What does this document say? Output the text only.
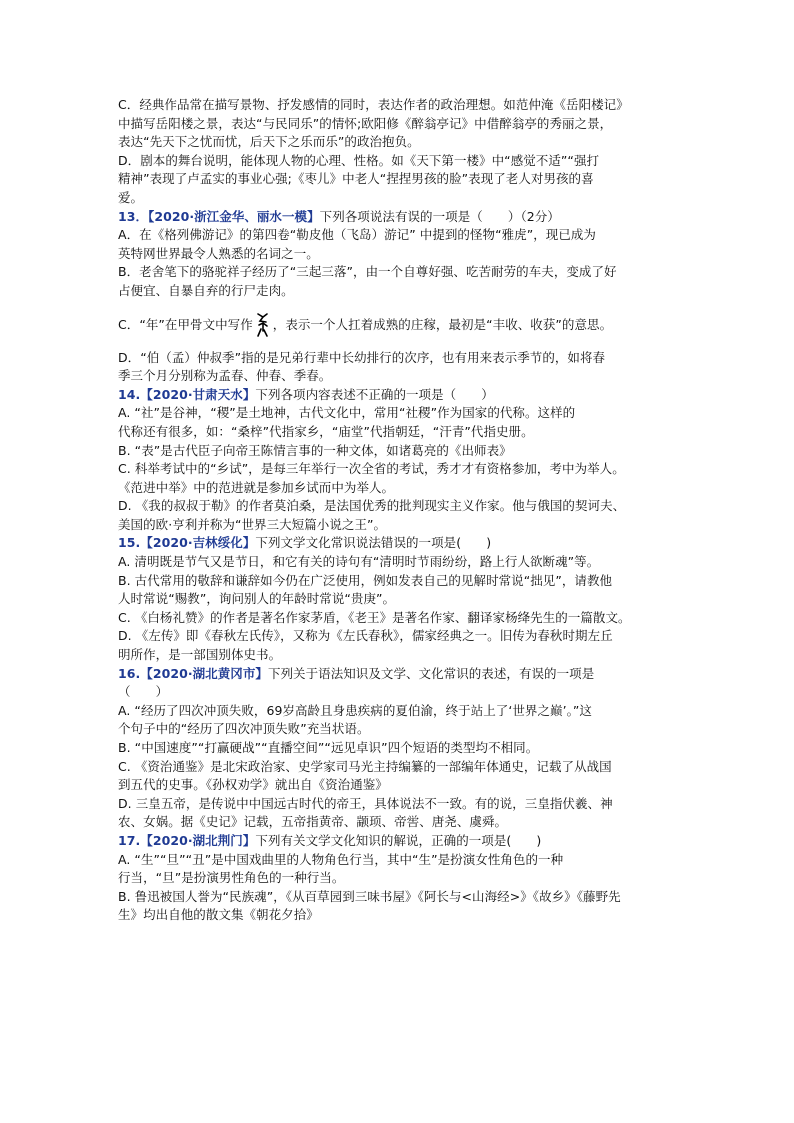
C．经典作品常在描写景物、抒发感情的同时，表达作者的政治理想。如范仲淹《岳阳楼记》
中描写岳阳楼之景，表达“与民同乐”的情怀;欧阳修《醉翁亭记》中借醉翁亭的秀丽之景，
表达“先天下之忧而忧，后天下之乐而乐”的政治抱负。
D．剧本的舞台说明，能体现人物的心理、性格。如《天下第一楼》中“感觉不适”“强打
精神”表现了卢孟实的事业心强;《枣儿》中老人“捏捏男孩的脸”表现了老人对男孩的喜
爱。
13．【2020·浙江金华、丽水一模】下列各项说法有误的一项是（　　）（2分）
A．在《格列佛游记》的第四卷“勒皮他（飞岛）游记” 中提到的怪物“雅虎”，现已成为
英特网世界最令人熟悉的名词之一。
B．老舍笔下的骆驼祥子经历了“三起三落”，由一个自尊好强、吃苦耐劳的车夫，变成了好
占便宜、自暴自弃的行尸走肉。
C．“年”在甲骨文中写作 ，表示一个人扛着成熟的庄稼，最初是“丰收、收获”的意思。
D．“伯（孟）仲叔季”指的是兄弟行辈中长幼排行的次序，也有用来表示季节的，如将春
季三个月分别称为孟春、仲春、季春。
14.【2020·甘肃天水】下列各项内容表述不正确的一项是（　　）
A. “社”是谷神，“稷”是土地神，古代文化中，常用“社稷”作为国家的代称。这样的
代称还有很多，如：“桑梓”代指家乡，“庙堂”代指朝廷，“汗青”代指史册。
B. “表”是古代臣子向帝王陈情言事的一种文体，如诸葛亮的《出师表》
C. 科举考试中的“乡试”，是每三年举行一次全省的考试，秀才才有资格参加，考中为举人。
《范进中举》中的范进就是参加乡试而中为举人。
D. 《我的叔叔于勒》的作者莫泊桑，是法国优秀的批判现实主义作家。他与俄国的契诃夫、
美国的欧·亨利并称为“世界三大短篇小说之王”。
15.【2020·吉林绥化】下列文学文化常识说法错误的一项是(　　)
A. 清明既是节气又是节日，和它有关的诗句有“清明时节雨纷纷，路上行人欲断魂”等。
B. 古代常用的敬辞和谦辞如今仍在广泛使用，例如发表自己的见解时常说“拙见”，请教他
人时常说“赐教”，询问别人的年龄时常说“贵庚”。
C. 《白杨礼赞》的作者是著名作家茅盾，《老王》是著名作家、翻译家杨绛先生的一篇散文。
D. 《左传》即《春秋左氏传》，又称为《左氏春秋》，儒家经典之一。旧传为春秋时期左丘
明所作，是一部国别体史书。
16.【2020·湖北黄冈市】下列关于语法知识及文学、文化常识的表述，有误的一项是
（　　）
A. “经历了四次冲顶失败，69岁高龄且身患疾病的夏伯渝，终于站上了‘世界之巅’。”这
个句子中的“经历了四次冲顶失败”充当状语。
B. “中国速度”“打赢硬战”“直播空间”“远见卓识”四个短语的类型均不相同。
C. 《资治通鉴》是北宋政治家、史学家司马光主持编纂的一部编年体通史，记载了从战国
到五代的史事。《孙权劝学》就出自《资治通鉴》
D. 三皇五帝，是传说中中国远古时代的帝王，具体说法不一致。有的说，三皇指伏羲、神
农、女娲。据《史记》记载，五帝指黄帝、颛顼、帝喾、唐尧、虞舜。
17.【2020·湖北荆门】下列有关文学文化知识的解说，正确的一项是(　　)
A. “生”“旦”“丑”是中国戏曲里的人物角色行当，其中“生”是扮演女性角色的一种
行当，“旦”是扮演男性角色的一种行当。
B. 鲁迅被国人誉为“民族魂”，《从百草园到三味书屋》《阿长与<山海经>》《故乡》《藤野先
生》均出自他的散文集《朝花夕拾》
